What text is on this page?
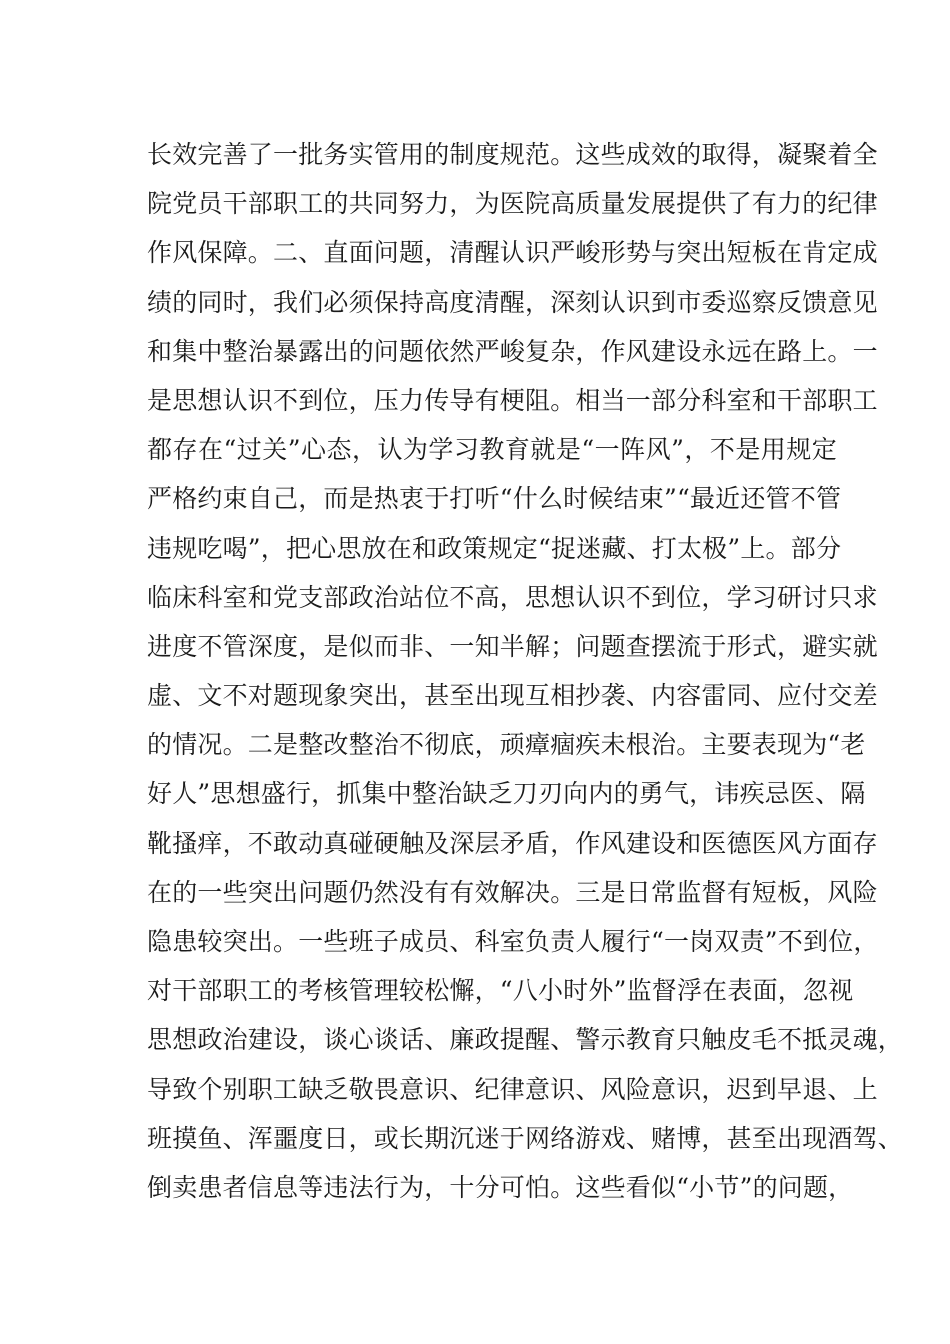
长效完善了一批务实管用的制度规范。这些成效的取得，凝聚着全
院党员干部职工的共同努力，为医院高质量发展提供了有力的纪律
作风保障。二、直面问题，清醒认识严峻形势与突出短板在肯定成
绩的同时，我们必须保持高度清醒，深刻认识到市委巡察反馈意见
和集中整治暴露出的问题依然严峻复杂，作风建设永远在路上。一
是思想认识不到位，压力传导有梗阻。相当一部分科室和干部职工
都存在“过关”心态，认为学习教育就是“一阵风”，不是用规定
严格约束自己，而是热衷于打听“什么时候结束”“最近还管不管
违规吃喝”，把心思放在和政策规定“捉迷藏、打太极”上。部分
临床科室和党支部政治站位不高，思想认识不到位，学习研讨只求
进度不管深度，是似而非、一知半解；问题查摆流于形式，避实就
虚、文不对题现象突出，甚至出现互相抄袭、内容雷同、应付交差
的情况。二是整改整治不彻底，顽瘴痼疾未根治。主要表现为“老
好人”思想盛行，抓集中整治缺乏刀刃向内的勇气，讳疾忌医、隔
靴搔痒，不敢动真碰硬触及深层矛盾，作风建设和医德医风方面存
在的一些突出问题仍然没有有效解决。三是日常监督有短板，风险
隐患较突出。一些班子成员、科室负责人履行“一岗双责”不到位，
对干部职工的考核管理较松懈，“八小时外”监督浮在表面，忽视
思想政治建设，谈心谈话、廉政提醒、警示教育只触皮毛不抵灵魂，
导致个别职工缺乏敬畏意识、纪律意识、风险意识，迟到早退、上
班摸鱼、浑噩度日，或长期沉迷于网络游戏、赌博，甚至出现酒驾、
倒卖患者信息等违法行为，十分可怕。这些看似“小节”的问题，
